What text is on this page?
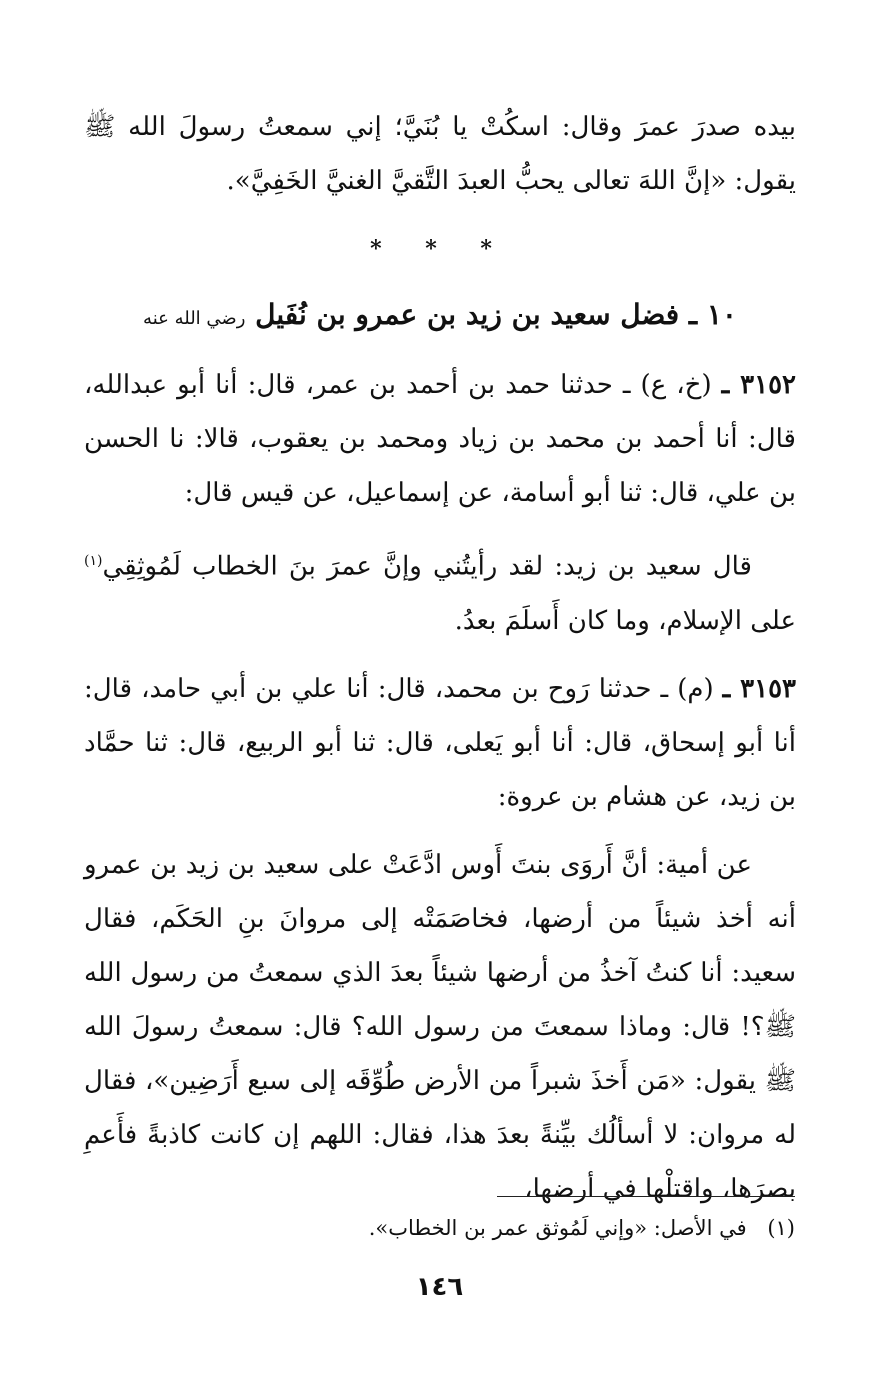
بيده صدرَ عمرَ وقال: اسكُتْ يا بُنَيَّ؛ إني سمعتُ رسولَ الله ﷺ يقول: «إنَّ اللهَ تعالى يحبُّ العبدَ التَّقيَّ الغنيَّ الخَفِيَّ».

* * *
١٠ ـ فضل سعيد بن زيد بن عمرو بن نُفَيل رضي الله عنه

٣١٥٢ ـ (خ، ع) ـ حدثنا حمد بن أحمد بن عمر، قال: أنا أبو عبدالله، قال: أنا أحمد بن محمد بن زياد ومحمد بن يعقوب، قالا: نا الحسن بن علي، قال: ثنا أبو أسامة، عن إسماعيل، عن قيس قال:

قال سعيد بن زيد: لقد رأيتُني وإنَّ عمرَ بنَ الخطاب لَمُوثِقِي$^{(١)}$ على الإسلام، وما كان أَسلَمَ بعدُ.

٣١٥٣ ـ (م) ـ حدثنا رَوح بن محمد، قال: أنا علي بن أبي حامد، قال: أنا أبو إسحاق، قال: أنا أبو يَعلى، قال: ثنا أبو الربيع، قال: ثنا حمَّاد بن زيد، عن هشام بن عروة:

عن أمية: أنَّ أَروَى بنتَ أَوس ادَّعَتْ على سعيد بن زيد بن عمرو أنه أخذ شيئاً من أرضها، فخاصَمَتْه إلى مروانَ بنِ الحَكَم، فقال سعيد: أنا كنتُ آخذُ من أرضها شيئاً بعدَ الذي سمعتُ من رسول الله ﷺ؟! قال: وماذا سمعتَ من رسول الله؟ قال: سمعتُ رسولَ الله ﷺ يقول: «مَن أَخذَ شبراً من الأرض طُوِّقَه إلى سبع أَرَضِين»، فقال له مروان: لا أسألُك بيِّنةً بعدَ هذا، فقال: اللهم إن كانت كاذبةً فأَعمِ بصرَها، واقتلْها في أرضها،

(١) في الأصل: «وإني لَمُوثق عمر بن الخطاب».
١٤٦
